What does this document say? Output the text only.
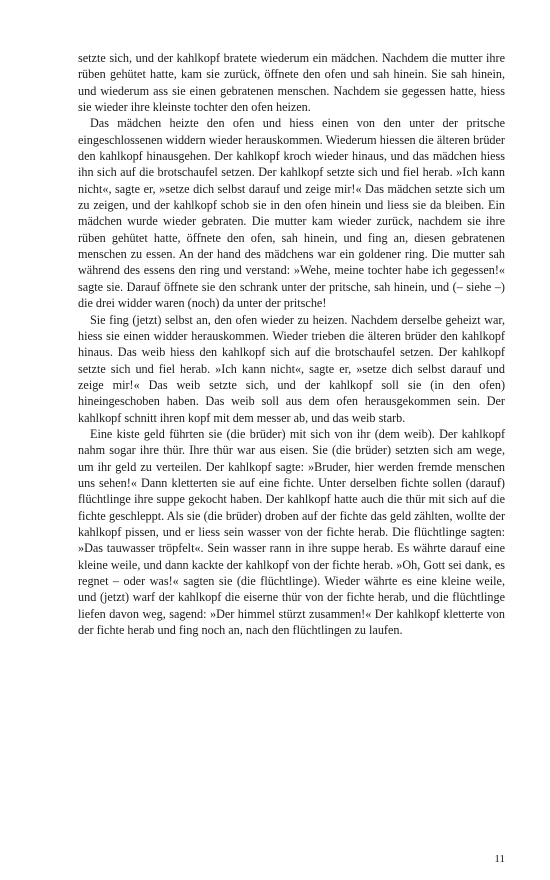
setzte sich, und der kahlkopf bratete wiederum ein mädchen. Nachdem die mutter ihre rüben gehütet hatte, kam sie zurück, öffnete den ofen und sah hinein. Sie sah hinein, und wiederum ass sie einen gebratenen menschen. Nachdem sie gegessen hatte, hiess sie wieder ihre kleinste tochter den ofen heizen.

Das mädchen heizte den ofen und hiess einen von den unter der pritsche eingeschlossenen widdern wieder herauskommen. Wiederum hiessen die älteren brüder den kahlkopf hinausgehen. Der kahlkopf kroch wieder hinaus, und das mädchen hiess ihn sich auf die brotschaufel setzen. Der kahlkopf setzte sich und fiel herab. »Ich kann nicht«, sagte er, »setze dich selbst darauf und zeige mir!« Das mädchen setzte sich um zu zeigen, und der kahlkopf schob sie in den ofen hinein und liess sie da bleiben. Ein mädchen wurde wieder gebraten. Die mutter kam wieder zurück, nachdem sie ihre rüben gehütet hatte, öffnete den ofen, sah hinein, und fing an, diesen gebratenen menschen zu essen. An der hand des mädchens war ein goldener ring. Die mutter sah während des essens den ring und verstand: »Wehe, meine tochter habe ich gegessen!« sagte sie. Darauf öffnete sie den schrank unter der pritsche, sah hinein, und (– siehe –) die drei widder waren (noch) da unter der pritsche!

Sie fing (jetzt) selbst an, den ofen wieder zu heizen. Nachdem derselbe geheizt war, hiess sie einen widder herauskommen. Wieder trieben die älteren brüder den kahlkopf hinaus. Das weib hiess den kahlkopf sich auf die brotschaufel setzen. Der kahlkopf setzte sich und fiel herab. »Ich kann nicht«, sagte er, »setze dich selbst darauf und zeige mir!« Das weib setzte sich, und der kahlkopf soll sie (in den ofen) hineingeschoben haben. Das weib soll aus dem ofen herausgekommen sein. Der kahlkopf schnitt ihren kopf mit dem messer ab, und das weib starb.

Eine kiste geld führten sie (die brüder) mit sich von ihr (dem weib). Der kahlkopf nahm sogar ihre thür. Ihre thür war aus eisen. Sie (die brüder) setzten sich am wege, um ihr geld zu verteilen. Der kahlkopf sagte: »Bruder, hier werden fremde menschen uns sehen!« Dann kletterten sie auf eine fichte. Unter derselben fichte sollen (darauf) flüchtlinge ihre suppe gekocht haben. Der kahlkopf hatte auch die thür mit sich auf die fichte geschleppt. Als sie (die brüder) droben auf der fichte das geld zählten, wollte der kahlkopf pissen, und er liess sein wasser von der fichte herab. Die flüchtlinge sagten: »Das tauwasser tröpfelt«. Sein wasser rann in ihre suppe herab. Es währte darauf eine kleine weile, und dann kackte der kahlkopf von der fichte herab. »Oh, Gott sei dank, es regnet – oder was!« sagten sie (die flüchtlinge). Wieder währte es eine kleine weile, und (jetzt) warf der kahlkopf die eiserne thür von der fichte herab, und die flüchtlinge liefen davon weg, sagend: »Der himmel stürzt zusammen!« Der kahlkopf kletterte von der fichte herab und fing noch an, nach den flüchtlingen zu laufen.

11
